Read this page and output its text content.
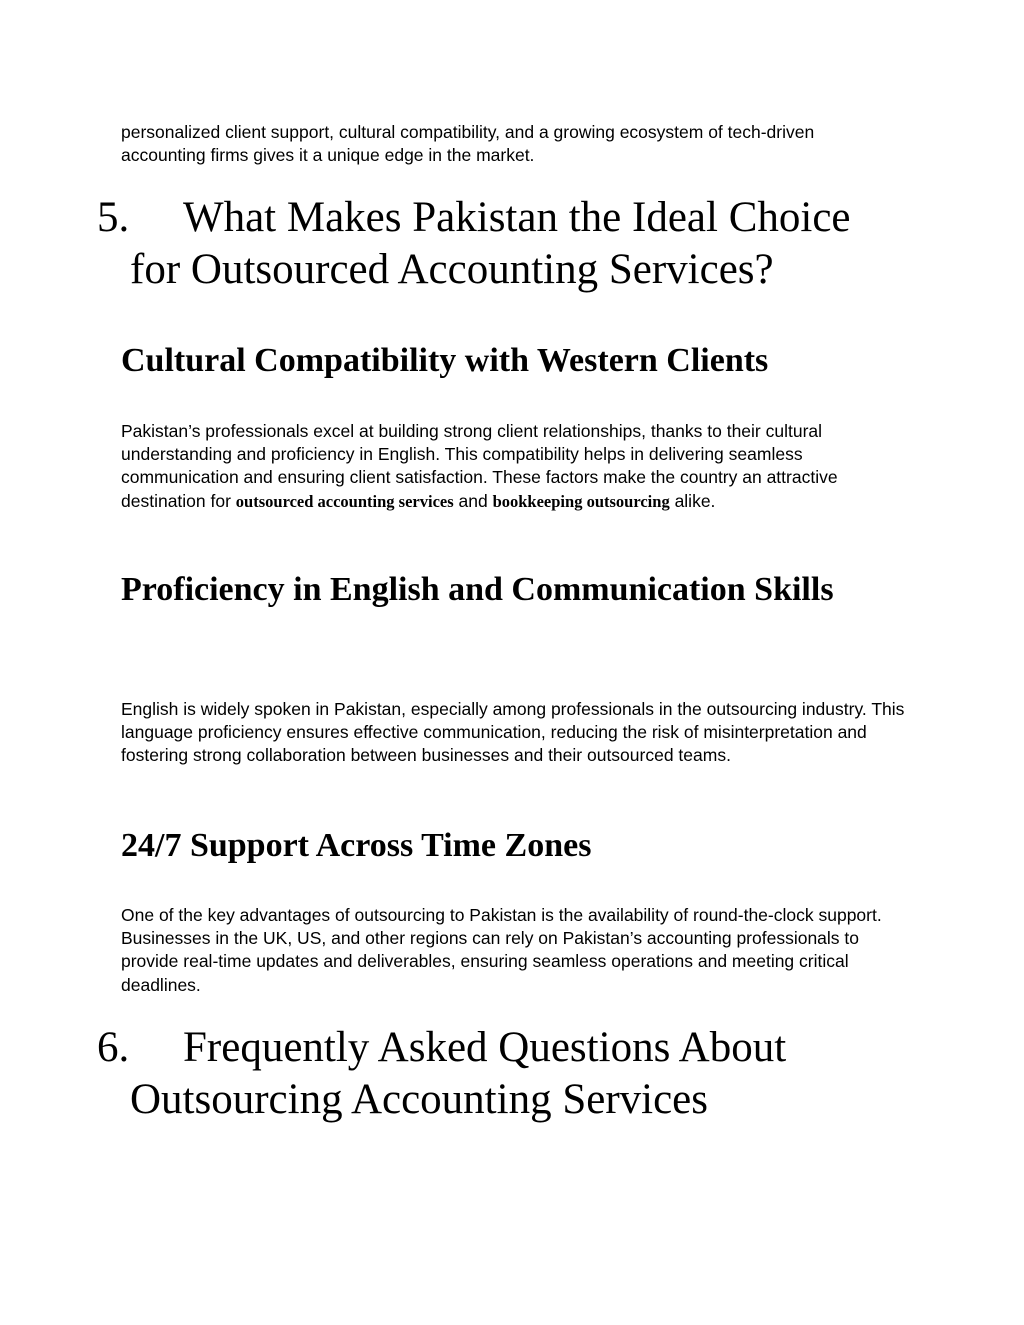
personalized client support, cultural compatibility, and a growing ecosystem of tech-driven accounting firms gives it a unique edge in the market.

5. What Makes Pakistan the Ideal Choice
for Outsourced Accounting Services?
Cultural Compatibility with Western Clients

Pakistan’s professionals excel at building strong client relationships, thanks to their cultural understanding and proficiency in English. This compatibility helps in delivering seamless communication and ensuring client satisfaction. These factors make the country an attractive destination for outsourced accounting services and bookkeeping outsourcing alike.

Proficiency in English and Communication Skills

English is widely spoken in Pakistan, especially among professionals in the outsourcing industry. This language proficiency ensures effective communication, reducing the risk of misinterpretation and fostering strong collaboration between businesses and their outsourced teams.

24/7 Support Across Time Zones

One of the key advantages of outsourcing to Pakistan is the availability of round-the-clock support. Businesses in the UK, US, and other regions can rely on Pakistan’s accounting professionals to provide real-time updates and deliverables, ensuring seamless operations and meeting critical deadlines.

6. Frequently Asked Questions About
Outsourcing Accounting Services
